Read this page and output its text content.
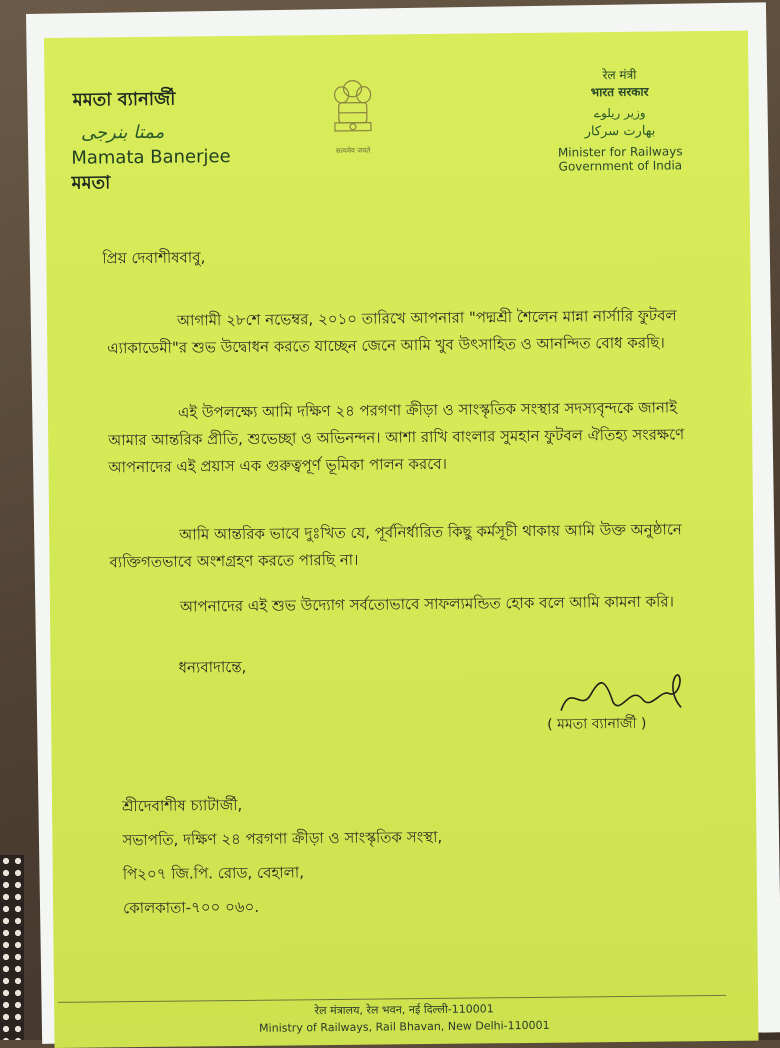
মমতা ব্যানার্জী

ممتا بنرجی

Mamata Banerjee

মমতা

सत्यमेव जयते

रेल मंत्री

भारत सरकार

وزیر ریلوے

بھارت سرکار

Minister for Railways

Government of India

প্রিয় দেবাশীষবাবু,

আগামী ২৮শে নভেম্বর, ২০১০ তারিখে আপনারা "পদ্মশ্রী শৈলেন মান্না নার্সারি ফুটবল এ্যাকাডেমী"র শুভ উদ্বোধন করতে যাচ্ছেন জেনে আমি খুব উৎসাহিত ও আনন্দিত বোধ করছি।

এই উপলক্ষ্যে আমি দক্ষিণ ২৪ পরগণা ক্রীড়া ও সাংস্কৃতিক সংস্থার সদস্যবৃন্দকে জানাই আমার আন্তরিক প্রীতি, শুভেচ্ছা ও অভিনন্দন। আশা রাখি বাংলার সুমহান ফুটবল ঐতিহ্য সংরক্ষণে আপনাদের এই প্রয়াস এক গুরুত্বপূর্ণ ভূমিকা পালন করবে।

আমি আন্তরিক ভাবে দুঃখিত যে, পূর্বনির্ধারিত কিছু কর্মসূচী থাকায় আমি উক্ত অনুষ্ঠানে ব্যক্তিগতভাবে অংশগ্রহণ করতে পারছি না।

আপনাদের এই শুভ উদ্যোগ সর্বতোভাবে সাফল্যমন্ডিত হোক বলে আমি কামনা করি।

ধন্যবাদান্তে,
( মমতা ব্যানার্জী )
শ্রীদেবাশীষ চ্যাটার্জী,
সভাপতি, দক্ষিণ ২৪ পরগণা ক্রীড়া ও সাংস্কৃতিক সংস্থা,
পি২০৭ জি.পি. রোড, বেহালা,
কোলকাতা-৭০০ ০৬০.
रेल मंत्रालय, रेल भवन, नई दिल्ली-110001
Ministry of Railways, Rail Bhavan, New Delhi-110001
